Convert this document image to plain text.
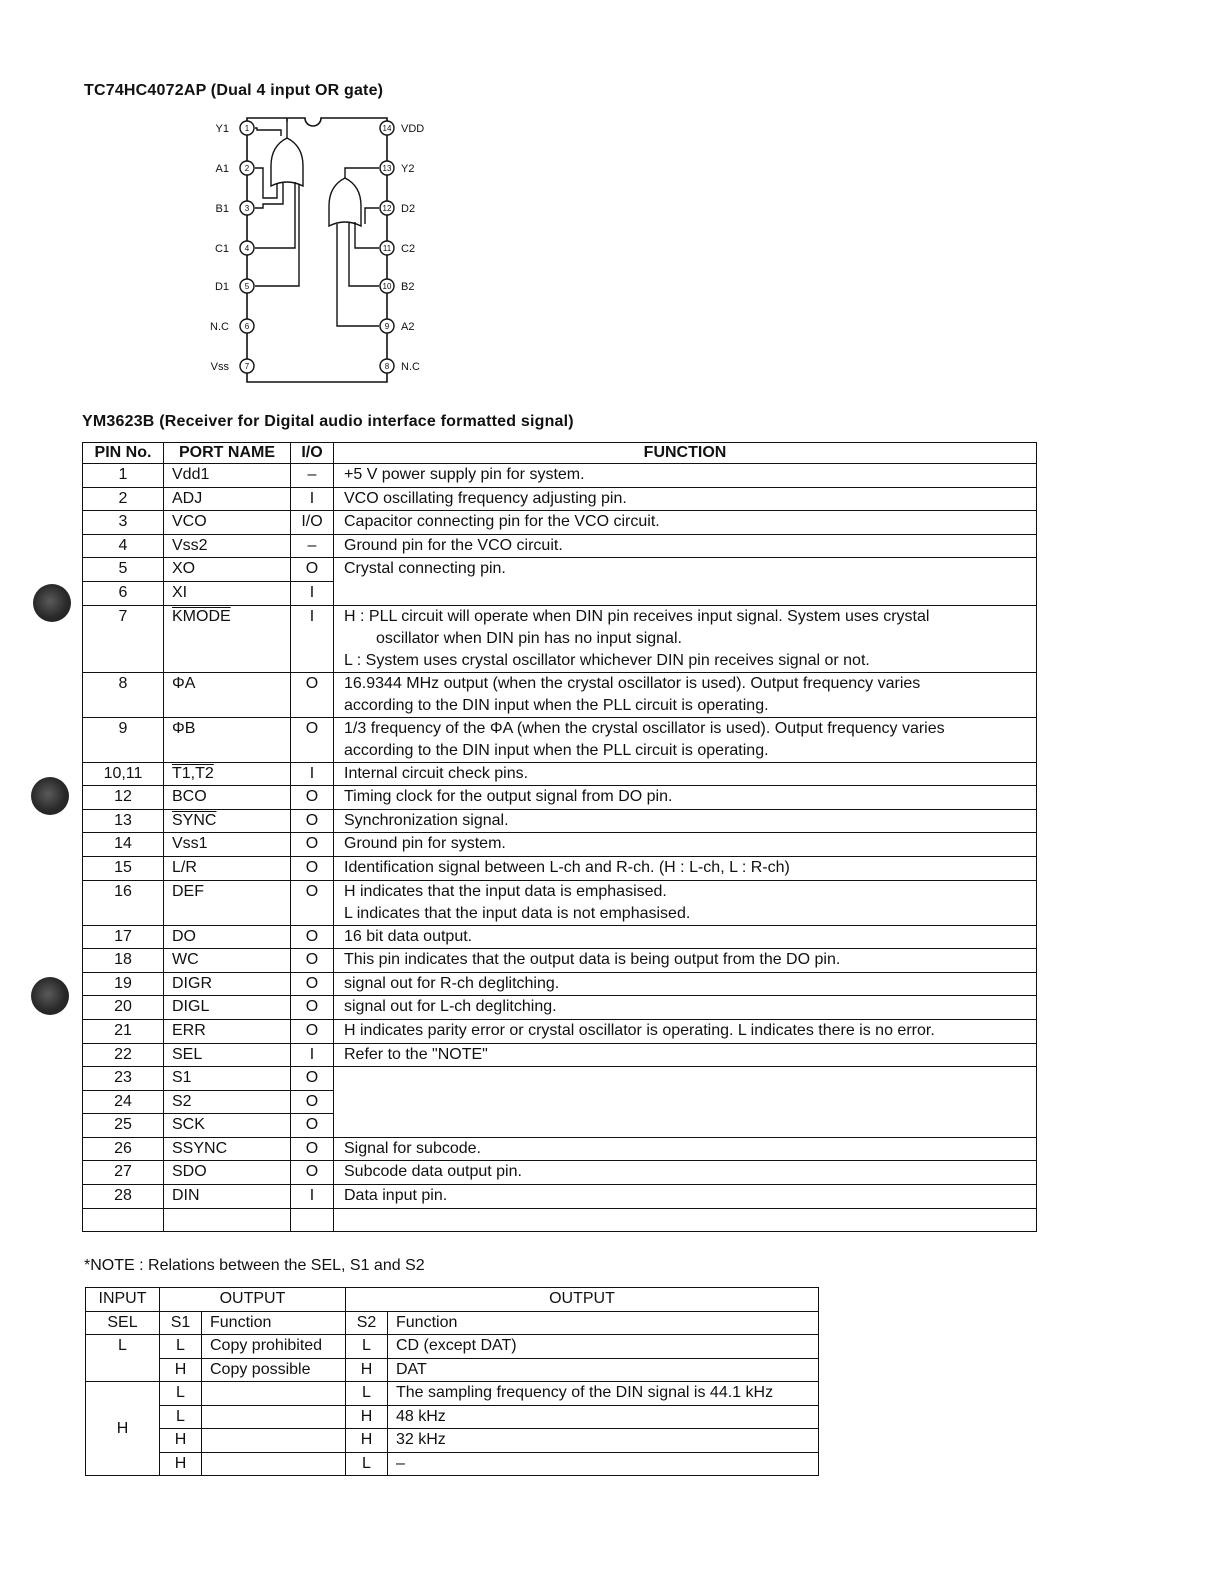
TC74HC4072AP (Dual 4 input OR gate)
1
Y1
2
A1
3
B1
4
C1
5
D1
6
N.C
7
Vss
14 VDD
13 Y2
12 D2
11 C2
10 B2
9 A2
8 N.C
YM3623B (Receiver for Digital audio interface formatted signal)
PIN No.	PORT NAME	I/O	FUNCTION
1	Vdd1	–	+5 V power supply pin for system.
2	ADJ	I	VCO oscillating frequency adjusting pin.
3	VCO	I/O	Capacitor connecting pin for the VCO circuit.
4	Vss2	–	Ground pin for the VCO circuit.
5	XO	O	Crystal connecting pin.
6	XI	I	
7	KMODE	I	H : PLL circuit will operate when DIN pin receives input signal. System uses crystal
oscillator when DIN pin has no input signal.
L : System uses crystal oscillator whichever DIN pin receives signal or not.

8	ΦA	O	16.9344 MHz output (when the crystal oscillator is used). Output frequency varies
according to the DIN input when the PLL circuit is operating.

9	ΦB	O	1/3 frequency of the ΦA (when the crystal oscillator is used). Output frequency varies
according to the DIN input when the PLL circuit is operating.

10,11	T1,T2	I	Internal circuit check pins.
12	BCO	O	Timing clock for the output signal from DO pin.
13	SYNC	O	Synchronization signal.
14	Vss1	O	Ground pin for system.
15	L/R	O	Identification signal between L-ch and R-ch. (H : L-ch, L : R-ch)
16	DEF	O	H indicates that the input data is emphasised.
L indicates that the input data is not emphasised.

17	DO	O	16 bit data output.
18	WC	O	This pin indicates that the output data is being output from the DO pin.
19	DIGR	O	signal out for R-ch deglitching.
20	DIGL	O	signal out for L-ch deglitching.
21	ERR	O	H indicates parity error or crystal oscillator is operating. L indicates there is no error.
22	SEL	I	Refer to the "NOTE"
23	S1	O	
24	S2	O	
25	SCK	O	
26	SSYNC	O	Signal for subcode.
27	SDO	O	Subcode data output pin.
28	DIN	I	Data input pin.

*NOTE : Relations between the SEL, S1 and S2
INPUT	OUTPUT		OUTPUT	
SEL	S1	Function	S2	Function
L	L	Copy prohibited	L	CD (except DAT)
	H	Copy possible	H	DAT
H	L		L	The sampling frequency of the DIN signal is 44.1 kHz
	L		H	48 kHz
	H		H	32 kHz
	H		L	–
